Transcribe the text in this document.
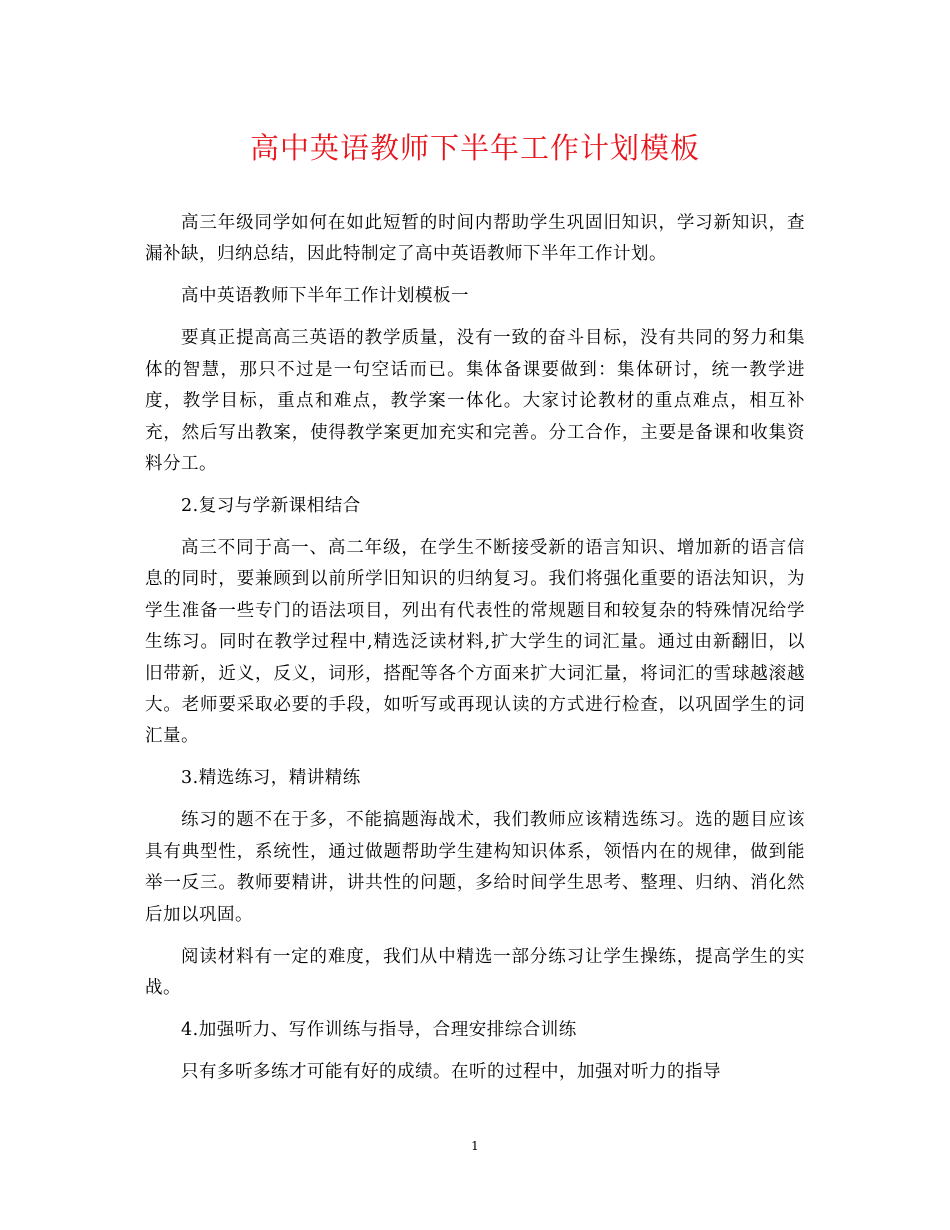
高中英语教师下半年工作计划模板

高三年级同学如何在如此短暂的时间内帮助学生巩固旧知识，学习新知识，查漏补缺，归纳总结，因此特制定了高中英语教师下半年工作计划。

高中英语教师下半年工作计划模板一

要真正提高高三英语的教学质量，没有一致的奋斗目标，没有共同的努力和集体的智慧，那只不过是一句空话而已。集体备课要做到：集体研讨，统一教学进度，教学目标，重点和难点，教学案一体化。大家讨论教材的重点难点，相互补充，然后写出教案，使得教学案更加充实和完善。分工合作，主要是备课和收集资料分工。

2.复习与学新课相结合

高三不同于高一、高二年级，在学生不断接受新的语言知识、增加新的语言信息的同时，要兼顾到以前所学旧知识的归纳复习。我们将强化重要的语法知识，为学生准备一些专门的语法项目，列出有代表性的常规题目和较复杂的特殊情况给学生练习。同时在教学过程中,精选泛读材料,扩大学生的词汇量。通过由新翻旧，以旧带新，近义，反义，词形，搭配等各个方面来扩大词汇量，将词汇的雪球越滚越大。老师要采取必要的手段，如听写或再现认读的方式进行检查，以巩固学生的词汇量。

3.精选练习，精讲精练

练习的题不在于多，不能搞题海战术，我们教师应该精选练习。选的题目应该具有典型性，系统性，通过做题帮助学生建构知识体系，领悟内在的规律，做到能举一反三。教师要精讲，讲共性的问题，多给时间学生思考、整理、归纳、消化然后加以巩固。

阅读材料有一定的难度，我们从中精选一部分练习让学生操练，提高学生的实战。

4.加强听力、写作训练与指导，合理安排综合训练

只有多听多练才可能有好的成绩。在听的过程中，加强对听力的指导

1
